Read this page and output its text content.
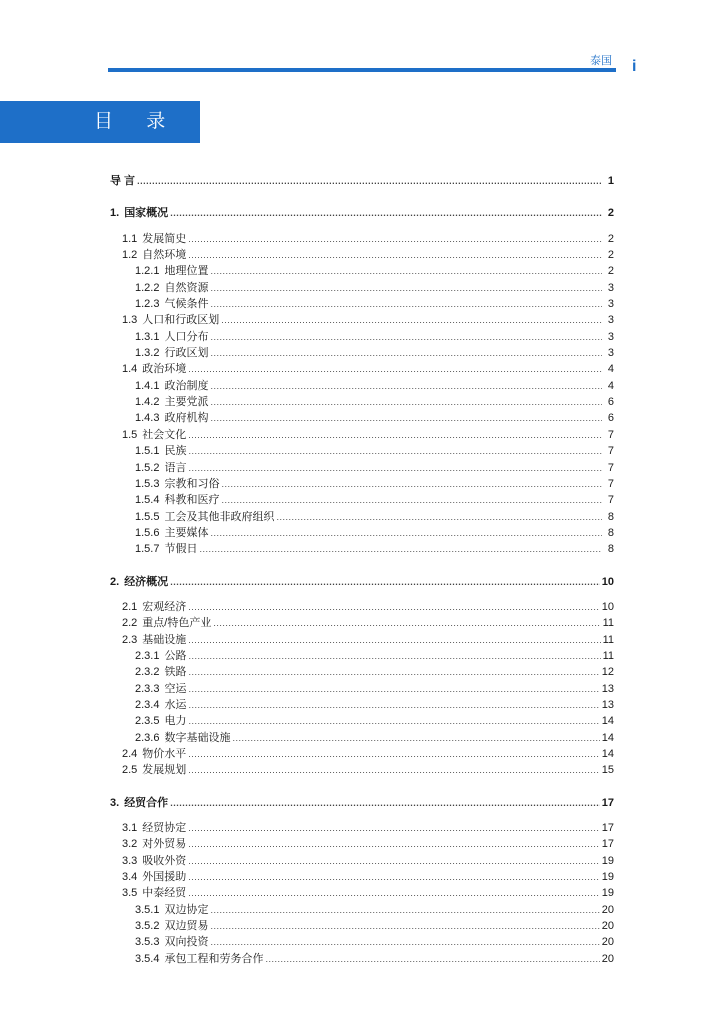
泰国 i
目 录
导 言 .....	1
1. 国家概况 .....	2
1.1 发展简史 .....	2
1.2 自然环境 .....	2
1.2.1 地理位置 .....	2
1.2.2 自然资源 .....	3
1.2.3 气候条件 .....	3
1.3 人口和行政区划 .....	3
1.3.1 人口分布 .....	3
1.3.2 行政区划 .....	3
1.4 政治环境 .....	4
1.4.1 政治制度 .....	4
1.4.2 主要党派 .....	6
1.4.3 政府机构 .....	6
1.5 社会文化 .....	7
1.5.1 民族 .....	7
1.5.2 语言 .....	7
1.5.3 宗教和习俗 .....	7
1.5.4 科教和医疗 .....	7
1.5.5 工会及其他非政府组织 .....	8
1.5.6 主要媒体 .....	8
1.5.7 节假日 .....	8
2. 经济概况 .....	10
2.1 宏观经济 .....	10
2.2 重点/特色产业 .....	11
2.3 基础设施 .....	11
2.3.1 公路 .....	11
2.3.2 铁路 .....	12
2.3.3 空运 .....	13
2.3.4 水运 .....	13
2.3.5 电力 .....	14
2.3.6 数字基础设施 .....	14
2.4 物价水平 .....	14
2.5 发展规划 .....	15
3. 经贸合作 .....	17
3.1 经贸协定 .....	17
3.2 对外贸易 .....	17
3.3 吸收外资 .....	19
3.4 外国援助 .....	19
3.5 中泰经贸 .....	19
3.5.1 双边协定 .....	20
3.5.2 双边贸易 .....	20
3.5.3 双向投资 .....	20
3.5.4 承包工程和劳务合作 .....	20
